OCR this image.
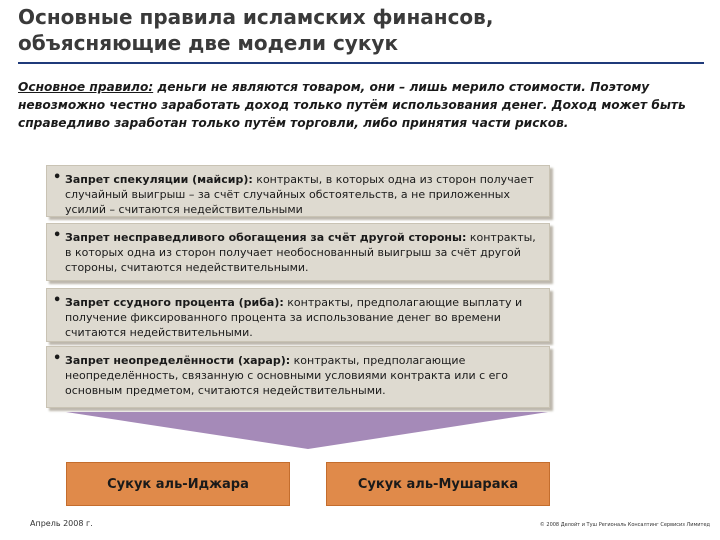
Основные правила исламских финансов,
объясняющие две модели сукук

Основное правило: деньги не являются товаром, они – лишь мерило стоимости. Поэтому невозможно честно заработать доход только путём использования денег. Доход может быть справедливо заработан только путём торговли, либо принятия части рисков.

• Запрет спекуляции (майсир): контракты, в которых одна из сторон получает случайный выигрыш – за счёт случайных обстоятельств, а не приложенных усилий – считаются недействительными
• Запрет несправедливого обогащения за счёт другой стороны: контракты, в которых одна из сторон получает необоснованный выигрыш за счёт другой стороны, считаются недействительными.
• Запрет ссудного процента (риба): контракты, предполагающие выплату и получение фиксированного процента за использование денег во времени считаются недействительными.
• Запрет неопределённости (харар): контракты, предполагающие неопределённость, связанную с основными условиями контракта или с его основным предметом, считаются недействительными.
Сукук аль-Иджара	Сукук аль-Мушарака
Апрель 2008 г.	© 2008 Делойт и Туш Региональ Консалтинг Сервисиз Лимитед
